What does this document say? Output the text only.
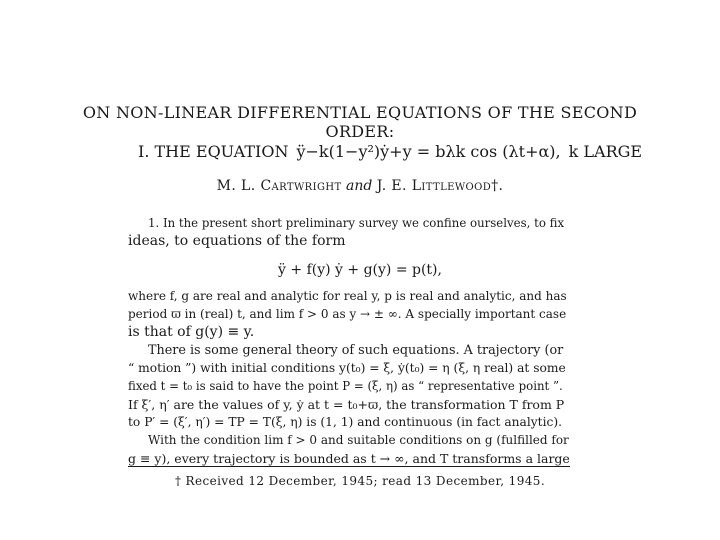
ON NON-LINEAR DIFFERENTIAL EQUATIONS OF THE SECOND
ORDER:
I. THE EQUATION ÿ−k(1−y²)ẏ+y = bλk cos (λt+α), k LARGE
M. L. Cartwright and J. E. Littlewood†.
1. In the present short preliminary survey we confine ourselves, to fix
ideas, to equations of the form
ÿ + f(y) ẏ + g(y) = p(t),
where f, g are real and analytic for real y, p is real and analytic, and has
period ϖ in (real) t, and lim f > 0 as y → ± ∞. A specially important case
is that of g(y) ≡ y.
There is some general theory of such equations. A trajectory (or
“ motion ”) with initial conditions y(t₀) = ξ, ẏ(t₀) = η (ξ, η real) at some
fixed t = t₀ is said to have the point P = (ξ, η) as “ representative point ”.
If ξ′, η′ are the values of y, ẏ at t = t₀+ϖ, the transformation T from P
to P′ = (ξ′, η′) = TP = T(ξ, η) is (1, 1) and continuous (in fact analytic).
With the condition lim f > 0 and suitable conditions on g (fulfilled for
g ≡ y), every trajectory is bounded as t → ∞, and T transforms a large
† Received 12 December, 1945; read 13 December, 1945.
